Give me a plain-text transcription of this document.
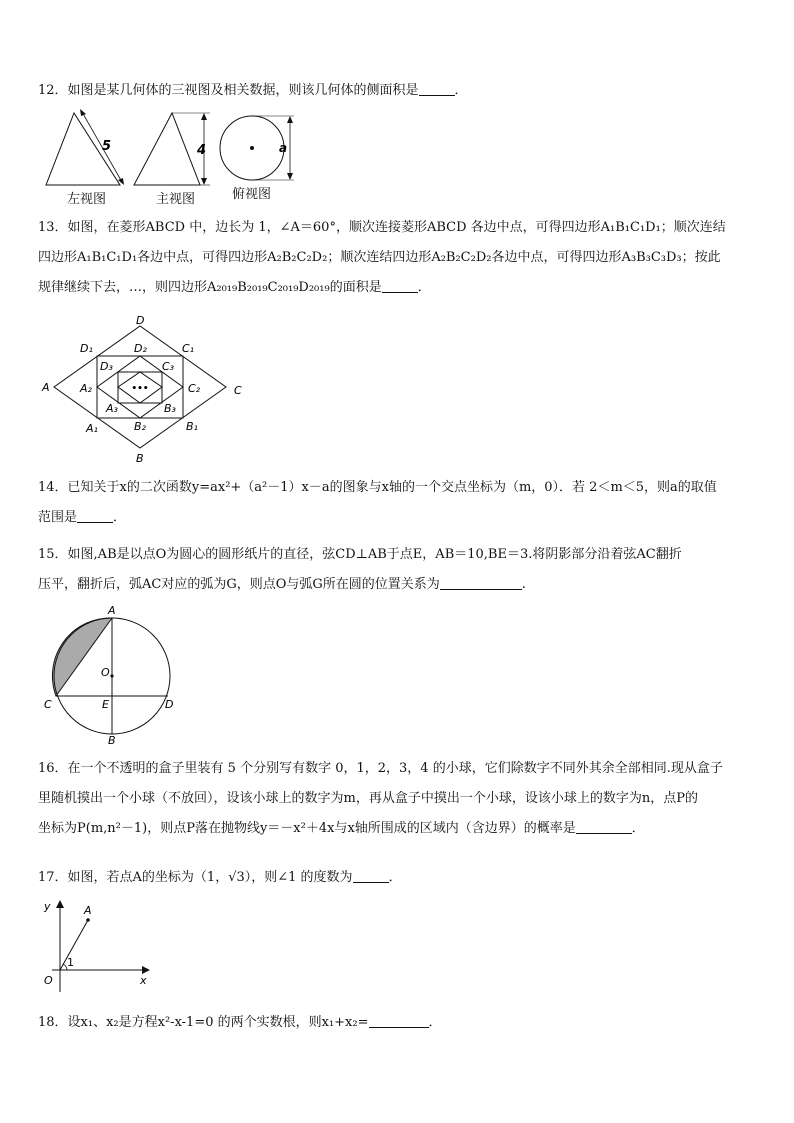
12．如图是某几何体的三视图及相关数据，则该几何体的侧面积是	．
5	4	a
左视图	主视图	俯视图
13．如图，在菱形ABCD 中，边长为 1，∠A＝60°，顺次连接菱形ABCD 各边中点，可得四边形A₁B₁C₁D₁；顺次连结
四边形A₁B₁C₁D₁各边中点，可得四边形A₂B₂C₂D₂；顺次连结四边形A₂B₂C₂D₂各边中点，可得四边形A₃B₃C₃D₃；按此
规律继续下去，…，则四边形A₂₀₁₉B₂₀₁₉C₂₀₁₉D₂₀₁₉的面积是	．
•••
D
B
A	C
D₁	C₁
A₁	B₁
D₂
B₂
A₂	C₂
D₃	C₃
A₃	B₃
14．已知关于x的二次函数y=ax²+（a²－1）x－a的图象与x轴的一个交点坐标为（m，0）．若 2＜m＜5，则a的取值
范围是	．
15．如图,AB是以点O为圆心的圆形纸片的直径，弦CD⊥AB于点E，AB＝10,BE＝3.将阴影部分沿着弦AC翻折
压平，翻折后，弧AC对应的弧为G，则点O与弧G所在圆的位置关系为	.
A
B
C	D
E
O
16．在一个不透明的盒子里装有 5 个分别写有数字 0，1，2，3，4 的小球，它们除数字不同外其余全部相同.现从盒子
里随机摸出一个小球（不放回），设该小球上的数字为m，再从盒子中摸出一个小球，设该小球上的数字为n，点P的
坐标为P(m,n²－1)，则点P落在抛物线y＝－x²＋4x与x轴所围成的区域内（含边界）的概率是	．
17．如图，若点A的坐标为（1，√3），则∠1 的度数为	．
y
x
O
A
1
18．设x₁、x₂是方程x²-x-1=0 的两个实数根，则x₁+x₂=	．
